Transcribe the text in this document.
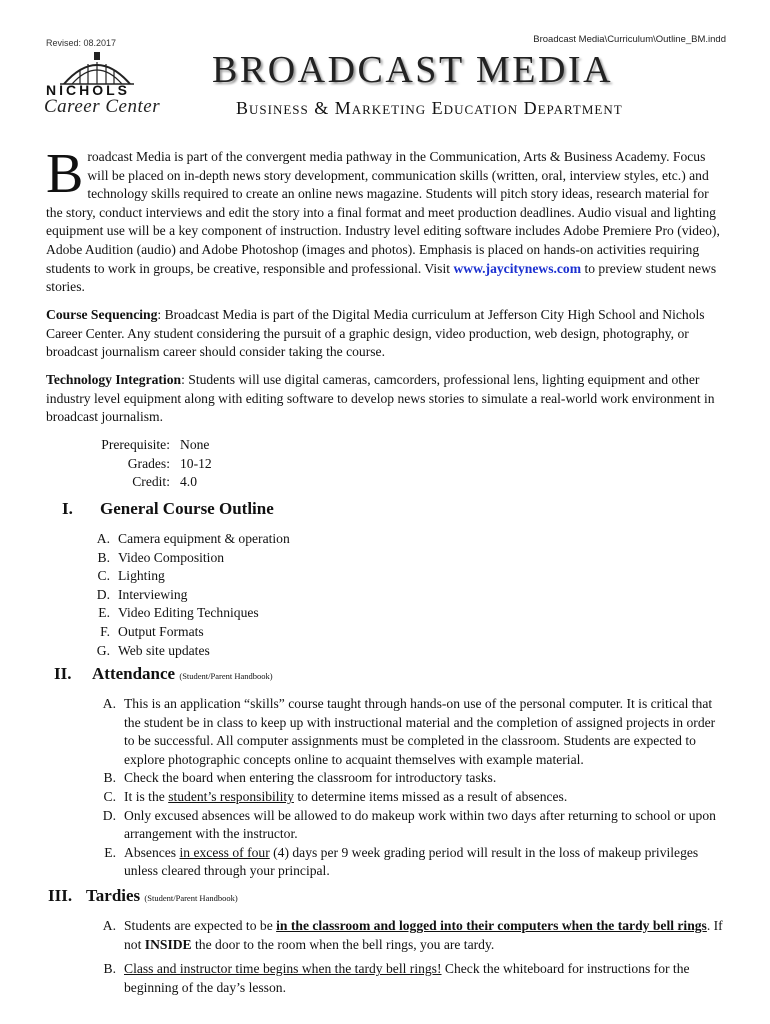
Revised: 08.2017	Broadcast Media\Curriculum\Outline_BM.indd
NICHOLS
Career Center
BROADCAST MEDIA
Business & Marketing Education Department
Broadcast Media is part of the convergent media pathway in the Communication, Arts & Business Academy. Focus will be placed on in-depth news story development, communication skills (written, oral, interview styles, etc.) and technology skills required to create an online news magazine. Students will pitch story ideas, research material for the story, conduct interviews and edit the story into a final format and meet production deadlines. Audio visual and lighting equipment use will be a key component of instruction. Industry level editing software includes Adobe Premiere Pro (video), Adobe Audition (audio) and Adobe Photoshop (images and photos). Emphasis is placed on hands-on activities requiring students to work in groups, be creative, responsible and professional. Visit www.jaycitynews.com to preview student news stories.
Course Sequencing: Broadcast Media is part of the Digital Media curriculum at Jefferson City High School and Nichols Career Center. Any student considering the pursuit of a graphic design, video production, web design, photography, or broadcast journalism career should consider taking the course.
Technology Integration: Students will use digital cameras, camcorders, professional lens, lighting equipment and other industry level equipment along with editing software to develop news stories to simulate a real-world work environment in broadcast journalism.
Prerequisite: None
Grades: 10-12
Credit: 4.0
I. General Course Outline
A. Camera equipment & operation
B. Video Composition
C. Lighting
D. Interviewing
E. Video Editing Techniques
F. Output Formats
G. Web site updates
II. Attendance (Student/Parent Handbook)
A. This is an application “skills” course taught through hands-on use of the personal computer. It is critical that the student be in class to keep up with instructional material and the completion of assigned projects in order to be successful. All computer assignments must be completed in the classroom. Students are expected to explore photographic concepts online to acquaint themselves with example material.
B. Check the board when entering the classroom for introductory tasks.
C. It is the student’s responsibility to determine items missed as a result of absences.
D. Only excused absences will be allowed to do makeup work within two days after returning to school or upon arrangement with the instructor.
E. Absences in excess of four (4) days per 9 week grading period will result in the loss of makeup privileges unless cleared through your principal.
III. Tardies (Student/Parent Handbook)
A. Students are expected to be in the classroom and logged into their computers when the tardy bell rings. If not INSIDE the door to the room when the bell rings, you are tardy.
B. Class and instructor time begins when the tardy bell rings! Check the whiteboard for instructions for the beginning of the day’s lesson.
